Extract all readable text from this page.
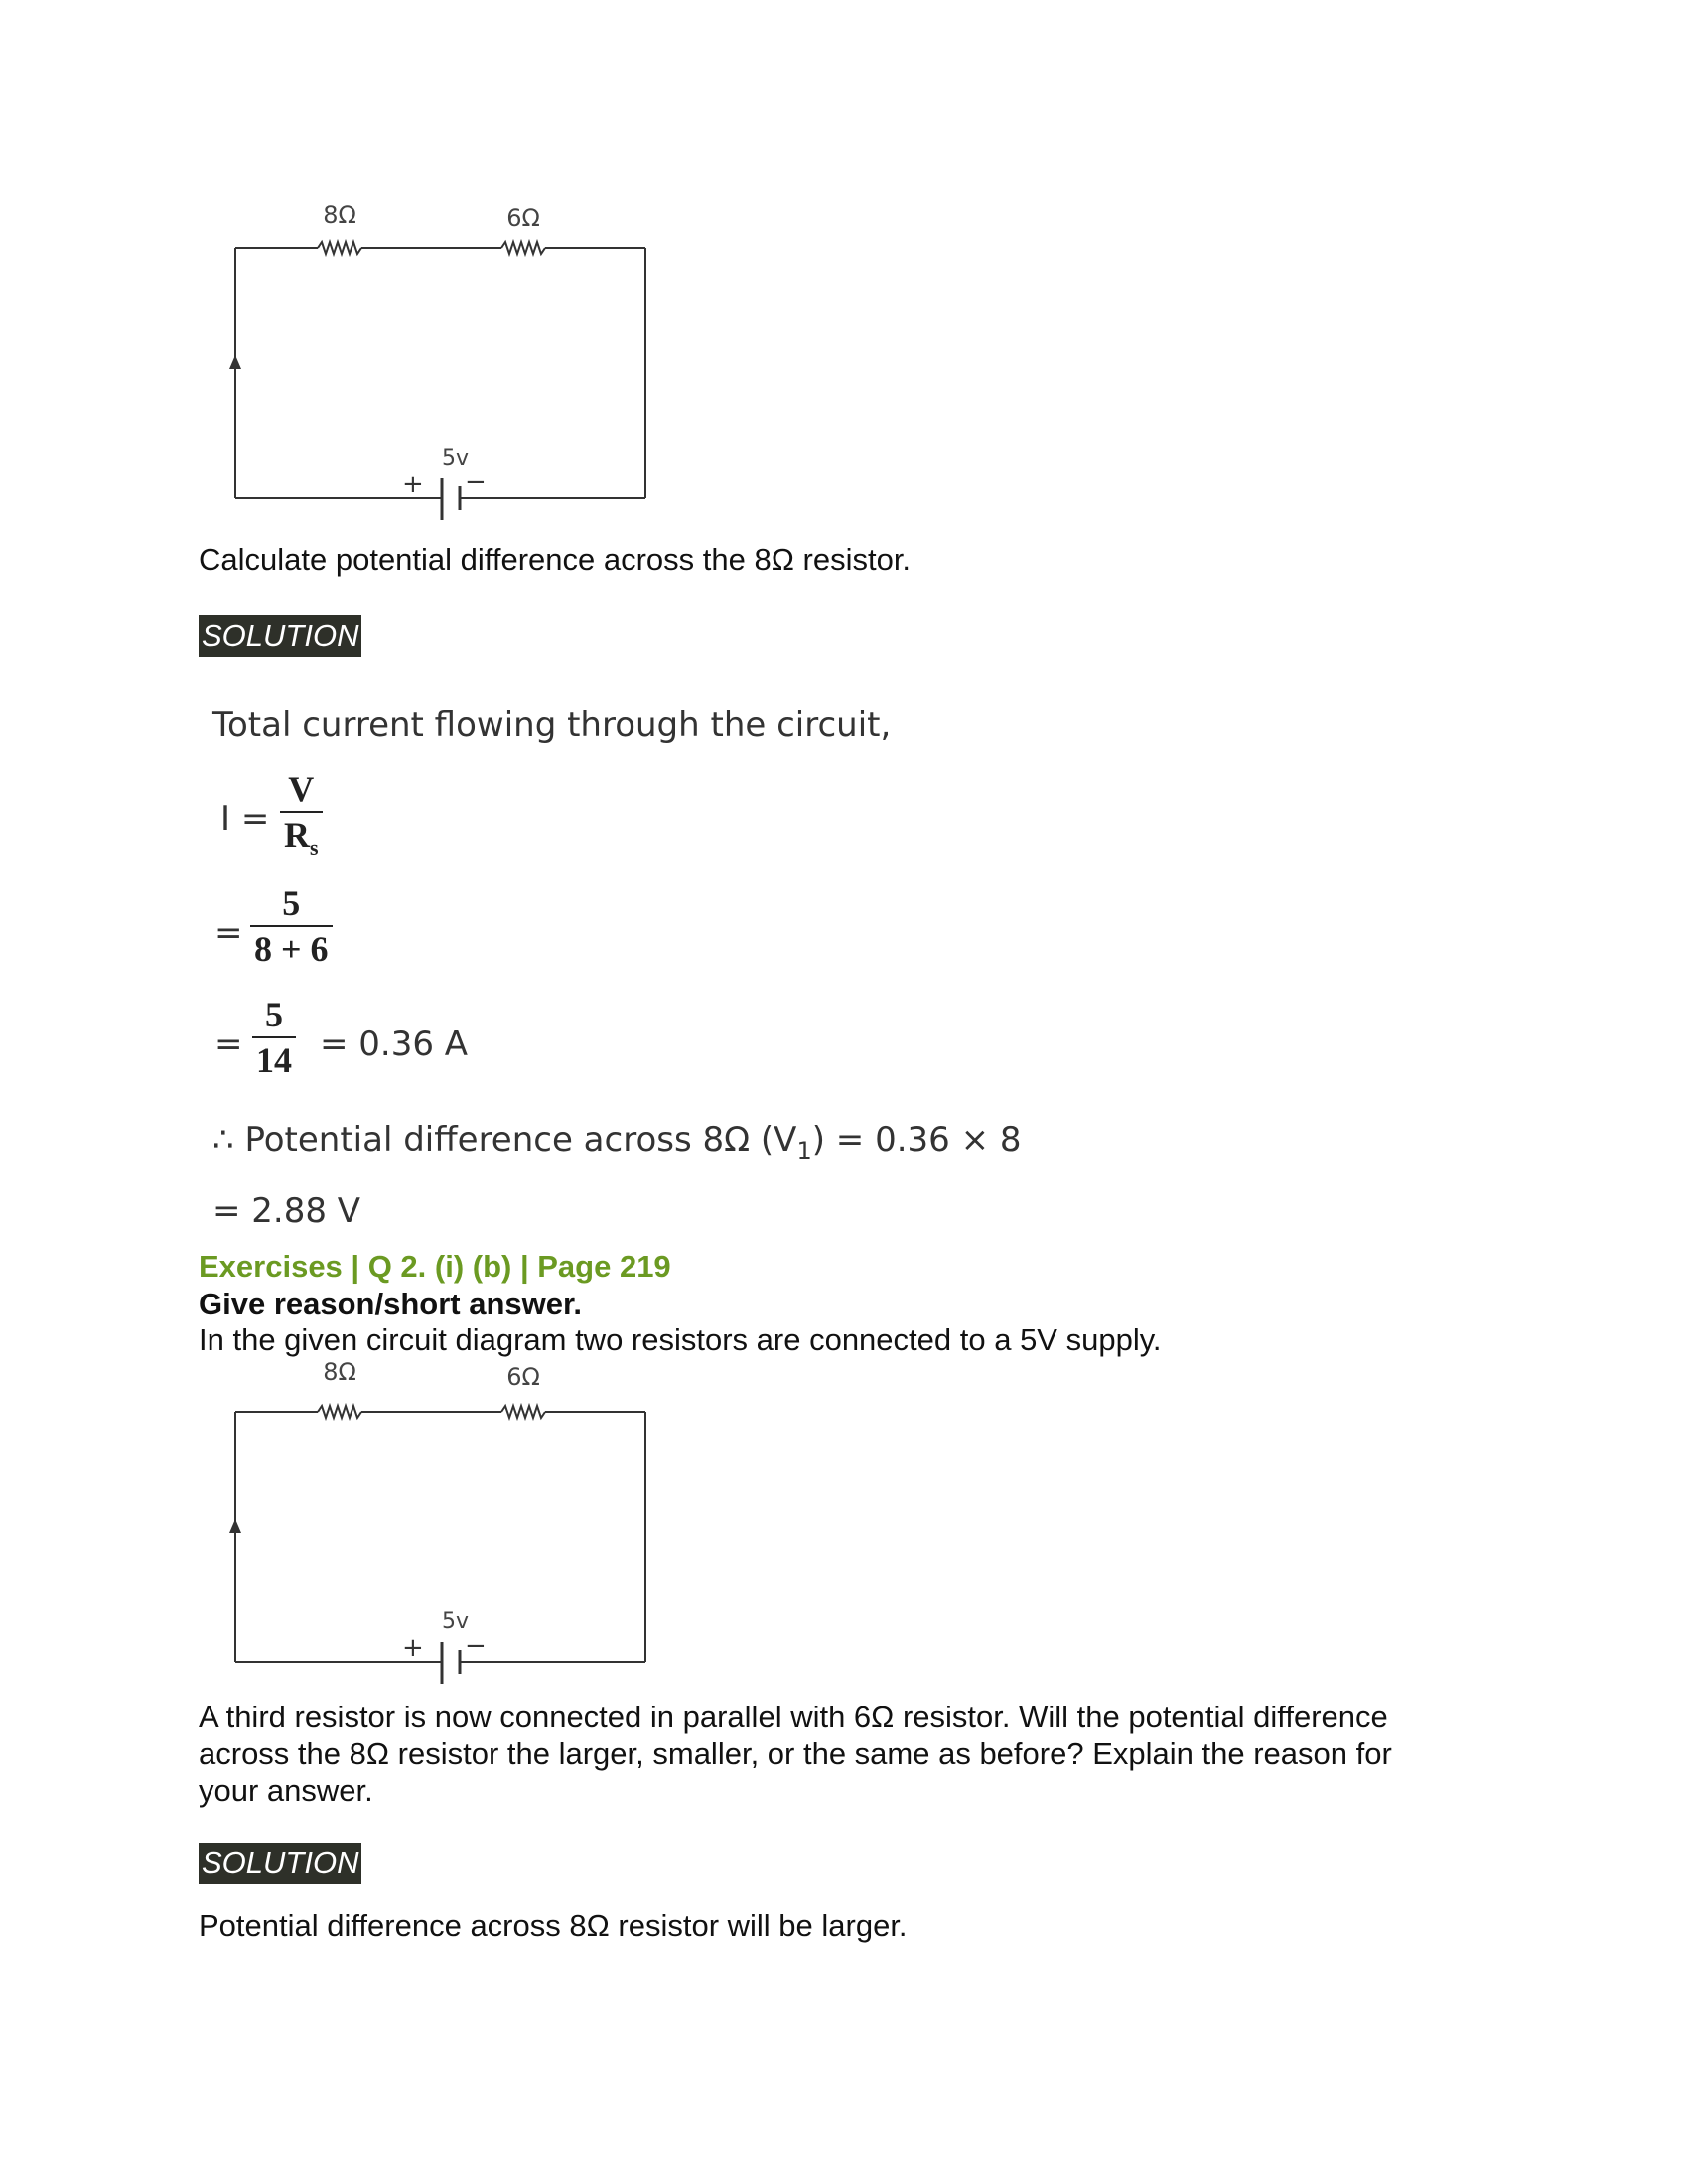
8Ω	6Ω
5v
+ −
Calculate potential difference across the 8Ω resistor.
SOLUTION
Total current flowing through the circuit,
I =
V
$R_s$
=
5
8 + 6
=
5
14 = 0.36 A
∴ Potential difference across 8Ω $(V_1) = 0.36 \times 8$
= 2.88 V
Exercises | Q 2. (i) (b) | Page 219
Give reason/short answer.
In the given circuit diagram two resistors are connected to a 5V supply.
8Ω	6Ω
5v
+ −
A third resistor is now connected in parallel with 6Ω resistor. Will the potential difference
across the 8Ω resistor the larger, smaller, or the same as before? Explain the reason for
your answer.
SOLUTION
Potential difference across 8Ω resistor will be larger.
